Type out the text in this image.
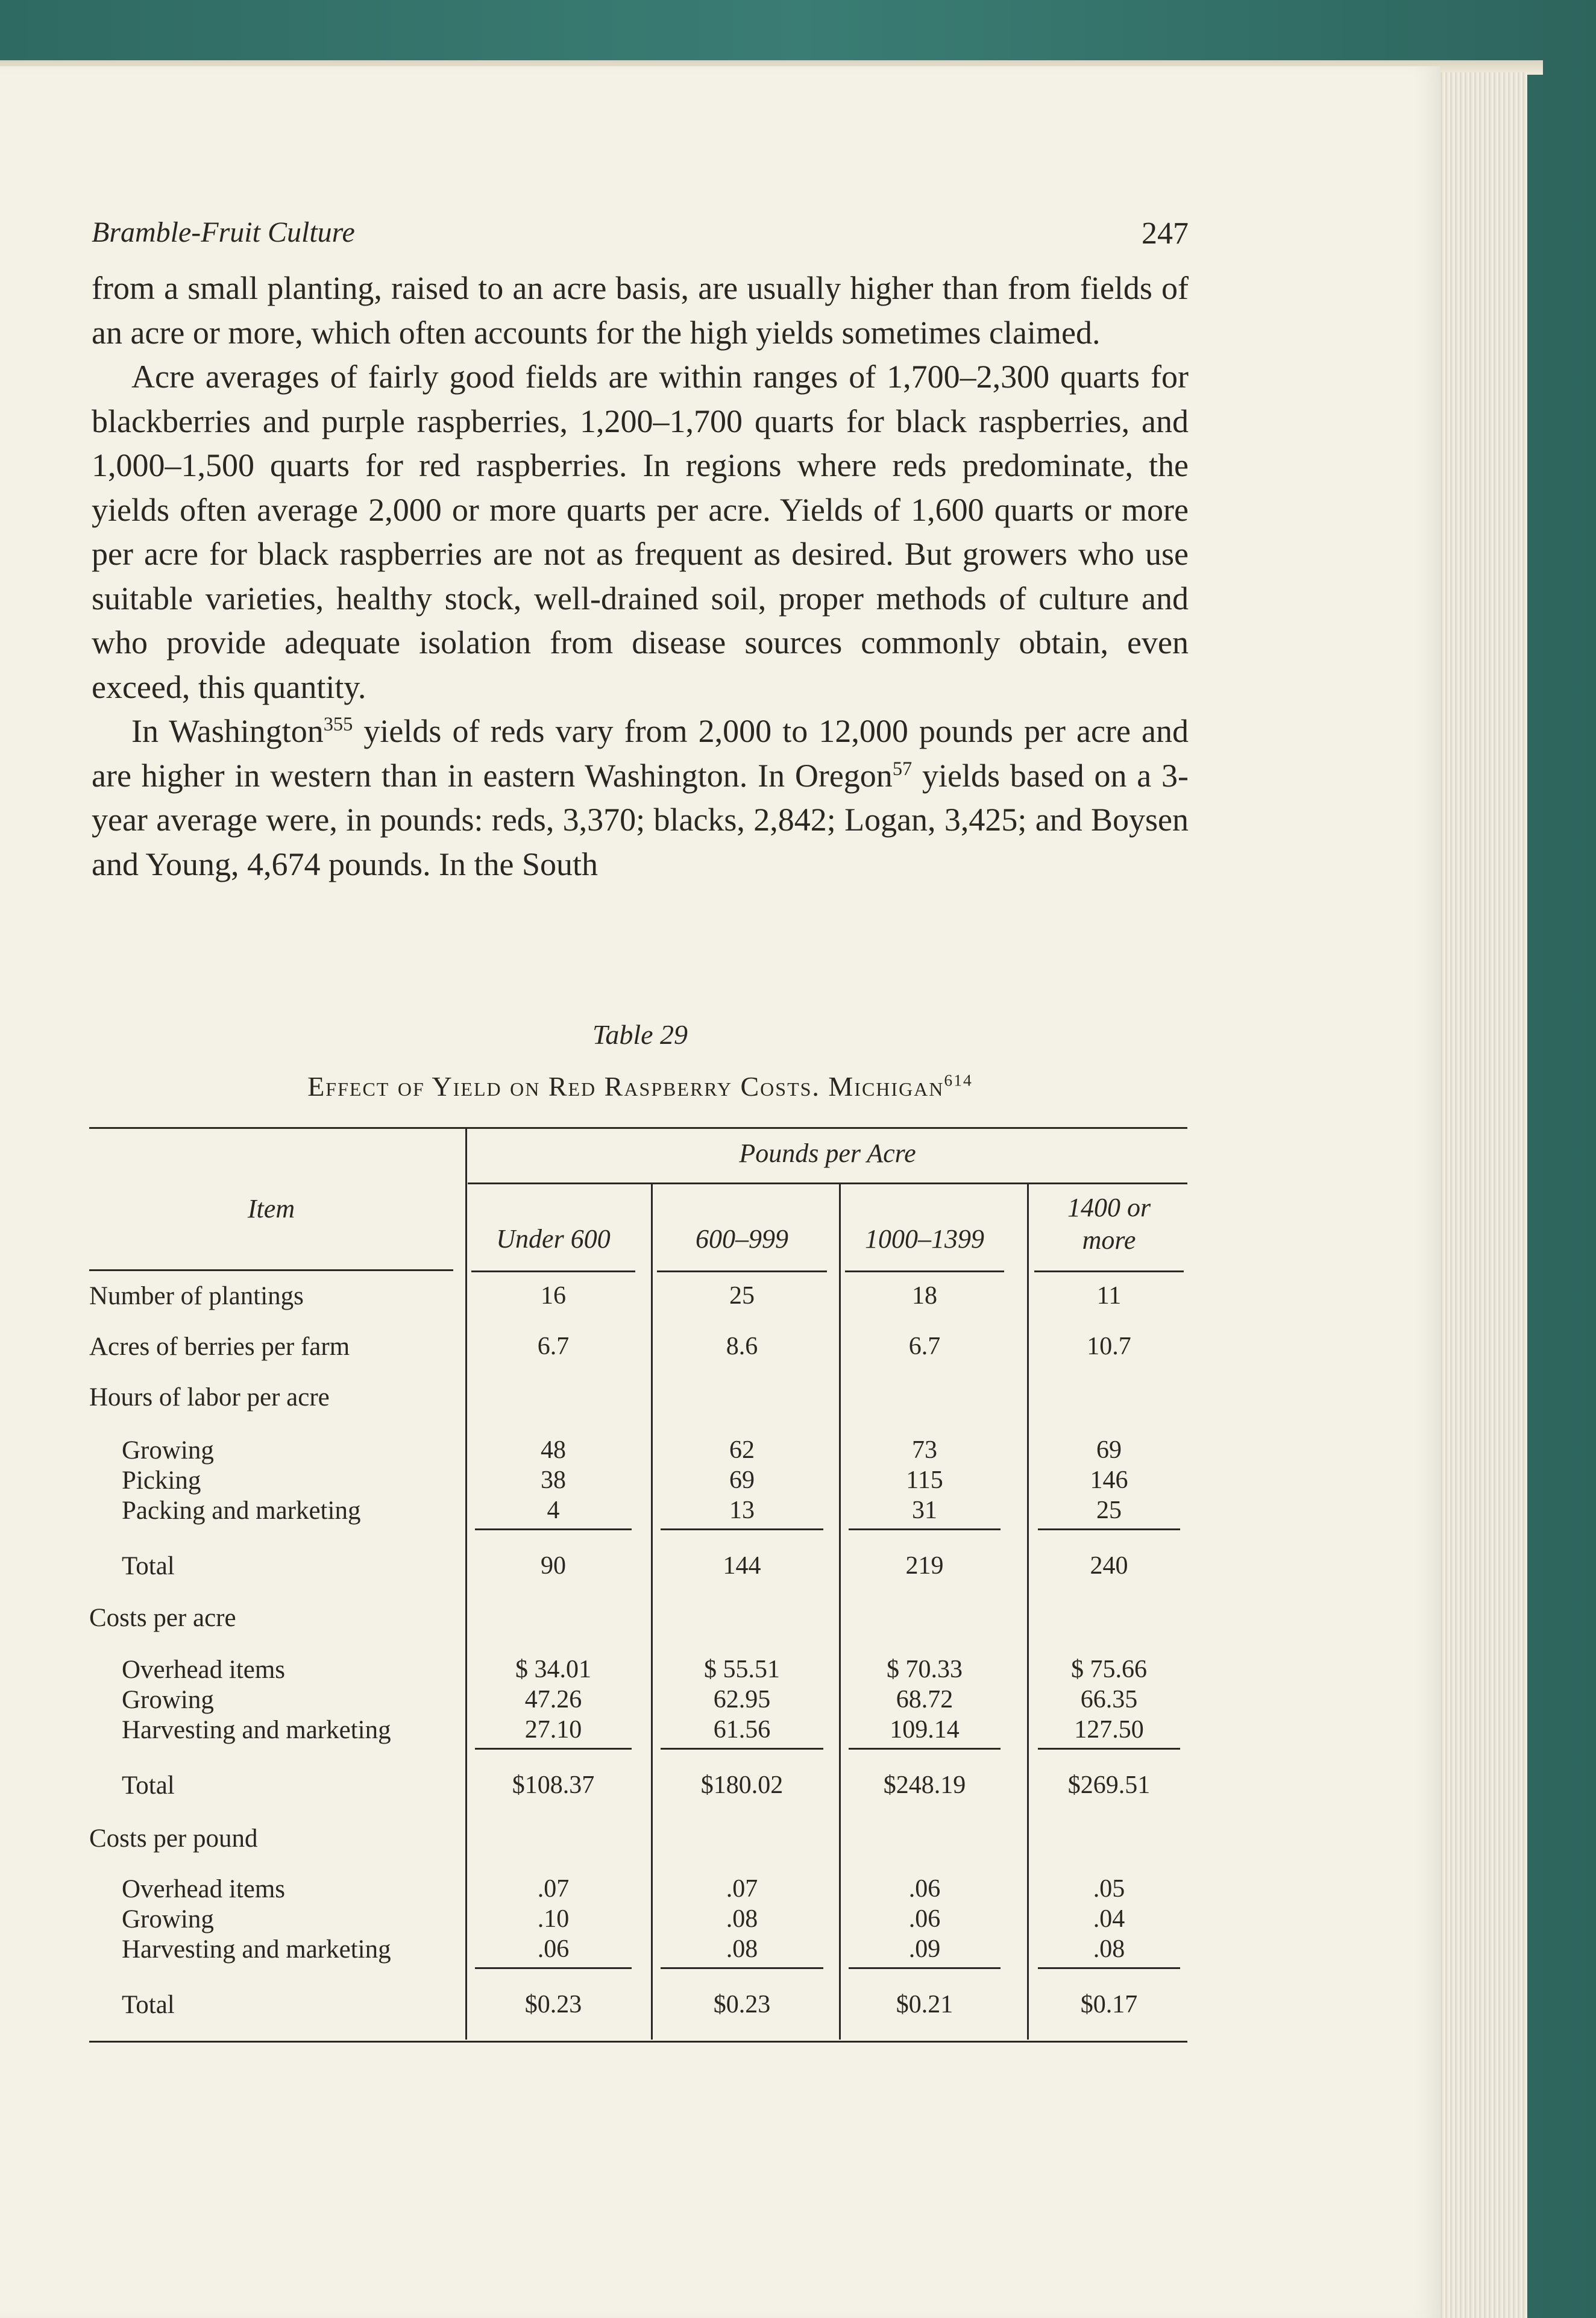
Bramble-Fruit Culture	247

from a small planting, raised to an acre basis, are usually higher than from fields of an acre or more, which often accounts for the high yields sometimes claimed.

Acre averages of fairly good fields are within ranges of 1,700–2,300 quarts for blackberries and purple raspberries, 1,200–1,700 quarts for black raspberries, and 1,000–1,500 quarts for red raspberries. In regions where reds predominate, the yields often average 2,000 or more quarts per acre. Yields of 1,600 quarts or more per acre for black raspberries are not as frequent as desired. But growers who use suitable varieties, healthy stock, well-drained soil, proper methods of culture and who provide adequate isolation from disease sources commonly obtain, even exceed, this quantity.

In Washington$^{355}$ yields of reds vary from 2,000 to 12,000 pounds per acre and are higher in western than in eastern Washington. In Oregon$^{57}$ yields based on a 3-year average were, in pounds: reds, 3,370; blacks, 2,842; Logan, 3,425; and Boysen and Young, 4,674 pounds. In the South

Table 29
Effect of Yield on Red Raspberry Costs. Michigan$^{614}$
Pounds per Acre
Item
Under 600	600–999	1000–1399
1400 or
more
Number of plantings	16	25	18	11
Acres of berries per farm	6.7	8.6	6.7	10.7
Hours of labor per acre
Growing	48	62	73	69
Picking	38	69	115	146
Packing and marketing	4	13	31	25
Total	90	144	219	240
Costs per acre
Overhead items	$ 34.01	$ 55.51	$ 70.33	$ 75.66
Growing	47.26	62.95	68.72	66.35
Harvesting and marketing	27.10	61.56	109.14	127.50
Total	$108.37	$180.02	$248.19	$269.51
Costs per pound
Overhead items	.07	.07	.06	.05
Growing	.10	.08	.06	.04
Harvesting and marketing	.06	.08	.09	.08
Total	$0.23	$0.23	$0.21	$0.17
